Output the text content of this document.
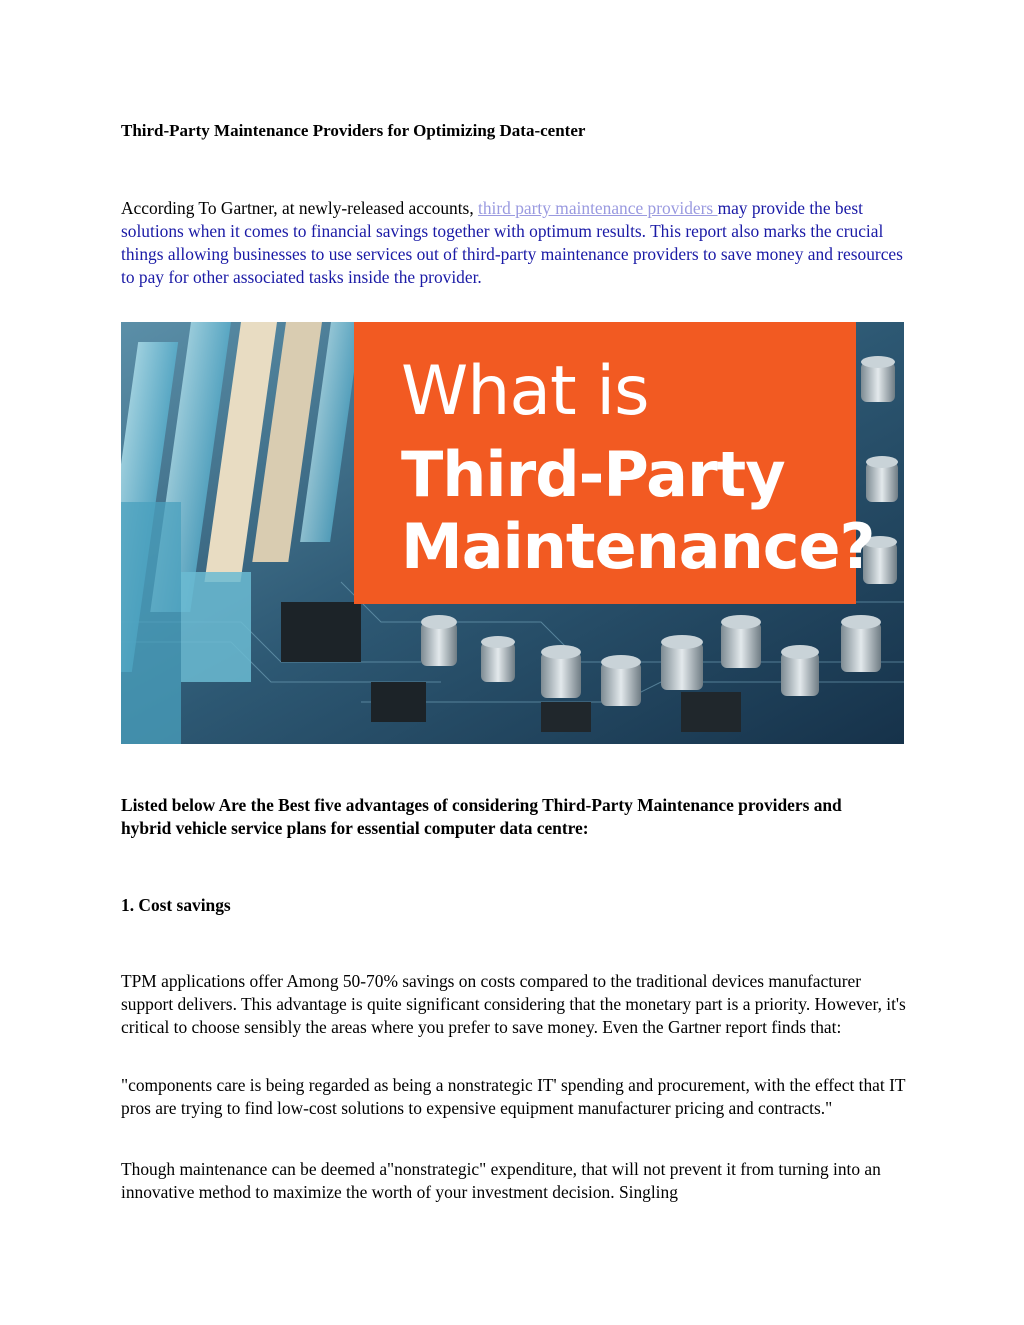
Third-Party Maintenance Providers for Optimizing Data-center
According To Gartner, at newly-released accounts, third party maintenance providers may provide the best solutions when it comes to financial savings together with optimum results. This report also marks the crucial things allowing businesses to use services out of third-party maintenance providers to save money and resources to pay for other associated tasks inside the provider.
What is
Third-Party
Maintenance?
Listed below Are the Best five advantages of considering Third-Party Maintenance providers and hybrid vehicle service plans for essential computer data centre:
1. Cost savings
TPM applications offer Among 50-70% savings on costs compared to the traditional devices manufacturer support delivers. This advantage is quite significant considering that the monetary part is a priority. However, it's critical to choose sensibly the areas where you prefer to save money. Even the Gartner report finds that:
"components care is being regarded as being a nonstrategic IT' spending and procurement, with the effect that IT pros are trying to find low-cost solutions to expensive equipment manufacturer pricing and contracts."
Though maintenance can be deemed a"nonstrategic" expenditure, that will not prevent it from turning into an innovative method to maximize the worth of your investment decision. Singling
